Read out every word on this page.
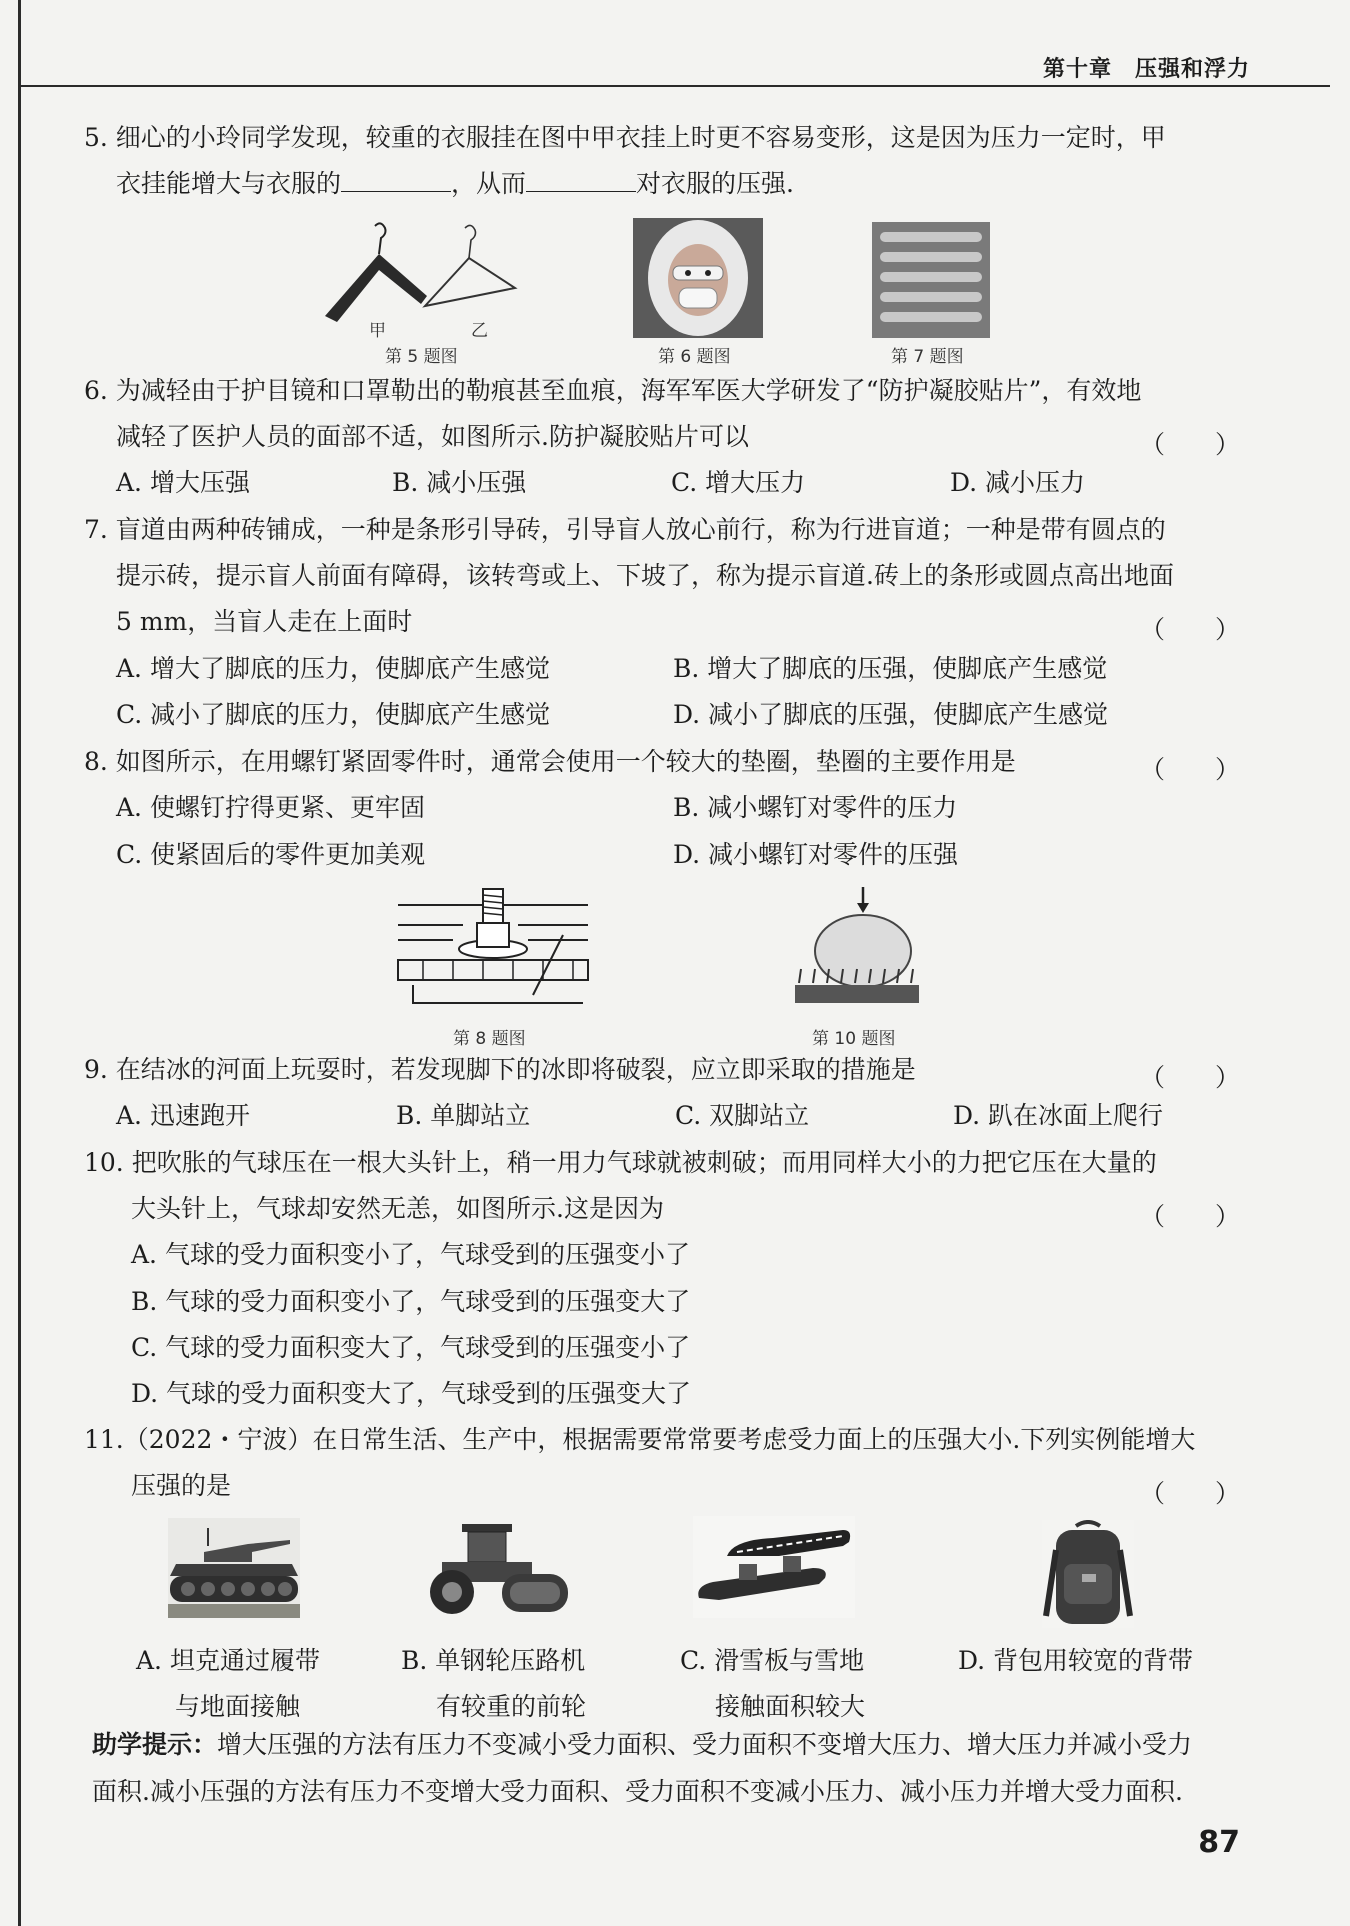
第十章　压强和浮力
5. 细心的小玲同学发现，较重的衣服挂在图中甲衣挂上时更不容易变形，这是因为压力一定时，甲
衣挂能增大与衣服的	，从而	对衣服的压强.
甲	乙
第 5 题图	第 6 题图	第 7 题图
6. 为减轻由于护目镜和口罩勒出的勒痕甚至血痕，海军军医大学研发了“防护凝胶贴片”，有效地
减轻了医护人员的面部不适，如图所示.防护凝胶贴片可以	（　　）
A. 增大压强	B. 减小压强	C. 增大压力	D. 减小压力
7. 盲道由两种砖铺成，一种是条形引导砖，引导盲人放心前行，称为行进盲道；一种是带有圆点的
提示砖，提示盲人前面有障碍，该转弯或上、下坡了，称为提示盲道.砖上的条形或圆点高出地面
5 mm，当盲人走在上面时	（　　）
A. 增大了脚底的压力，使脚底产生感觉	B. 增大了脚底的压强，使脚底产生感觉
C. 减小了脚底的压力，使脚底产生感觉	D. 减小了脚底的压强，使脚底产生感觉
8. 如图所示，在用螺钉紧固零件时，通常会使用一个较大的垫圈，垫圈的主要作用是	（　　）
A. 使螺钉拧得更紧、更牢固	B. 减小螺钉对零件的压力
C. 使紧固后的零件更加美观	D. 减小螺钉对零件的压强
第 8 题图	第 10 题图
9. 在结冰的河面上玩耍时，若发现脚下的冰即将破裂，应立即采取的措施是	（　　）
A. 迅速跑开	B. 单脚站立	C. 双脚站立	D. 趴在冰面上爬行
10. 把吹胀的气球压在一根大头针上，稍一用力气球就被刺破；而用同样大小的力把它压在大量的
大头针上，气球却安然无恙，如图所示.这是因为	（　　）
A. 气球的受力面积变小了，气球受到的压强变小了
B. 气球的受力面积变小了，气球受到的压强变大了
C. 气球的受力面积变大了，气球受到的压强变小了
D. 气球的受力面积变大了，气球受到的压强变大了
11.（2022・宁波）在日常生活、生产中，根据需要常常要考虑受力面上的压强大小.下列实例能增大
压强的是	（　　）
A. 坦克通过履带
与地面接触
B. 单钢轮压路机
有较重的前轮
C. 滑雪板与雪地
接触面积较大
D. 背包用较宽的背带
助学提示：增大压强的方法有压力不变减小受力面积、受力面积不变增大压力、增大压力并减小受力
面积.减小压强的方法有压力不变增大受力面积、受力面积不变减小压力、减小压力并增大受力面积.
87
